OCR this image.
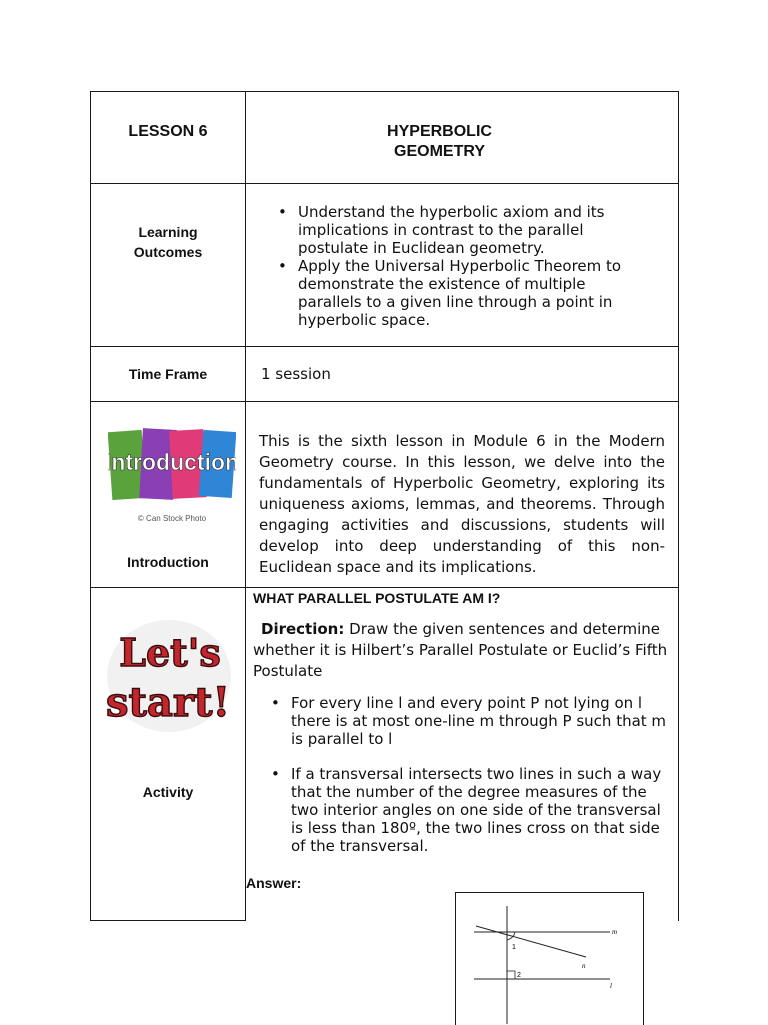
LESSON 6	HYPERBOLIC
GEOMETRY
Learning
Outcomes
• Understand the hyperbolic axiom and its implications in contrast to the parallel postulate in Euclidean geometry.
• Apply the Universal Hyperbolic Theorem to demonstrate the existence of multiple parallels to a given line through a point in hyperbolic space.
Time Frame	1 session
Introduction
© Can Stock Photo
Introduction
This is the sixth lesson in Module 6 in the Modern Geometry course. In this lesson, we delve into the fundamentals of Hyperbolic Geometry, exploring its uniqueness axioms, lemmas, and theorems. Through engaging activities and discussions, students will develop into deep understanding of this non-Euclidean space and its implications.
Let's
start!
Activity
WHAT PARALLEL POSTULATE AM I?
Direction: Draw the given sentences and determine whether it is Hilbert’s Parallel Postulate or Euclid’s Fifth Postulate
• For every line l and every point P not lying on l there is at most one-line m through P such that m is parallel to l
• If a transversal intersects two lines in such a way that the number of the degree measures of the two interior angles on one side of the transversal is less than 180º, the two lines cross on that side of the transversal.
Answer:
m
n
l
1
2
